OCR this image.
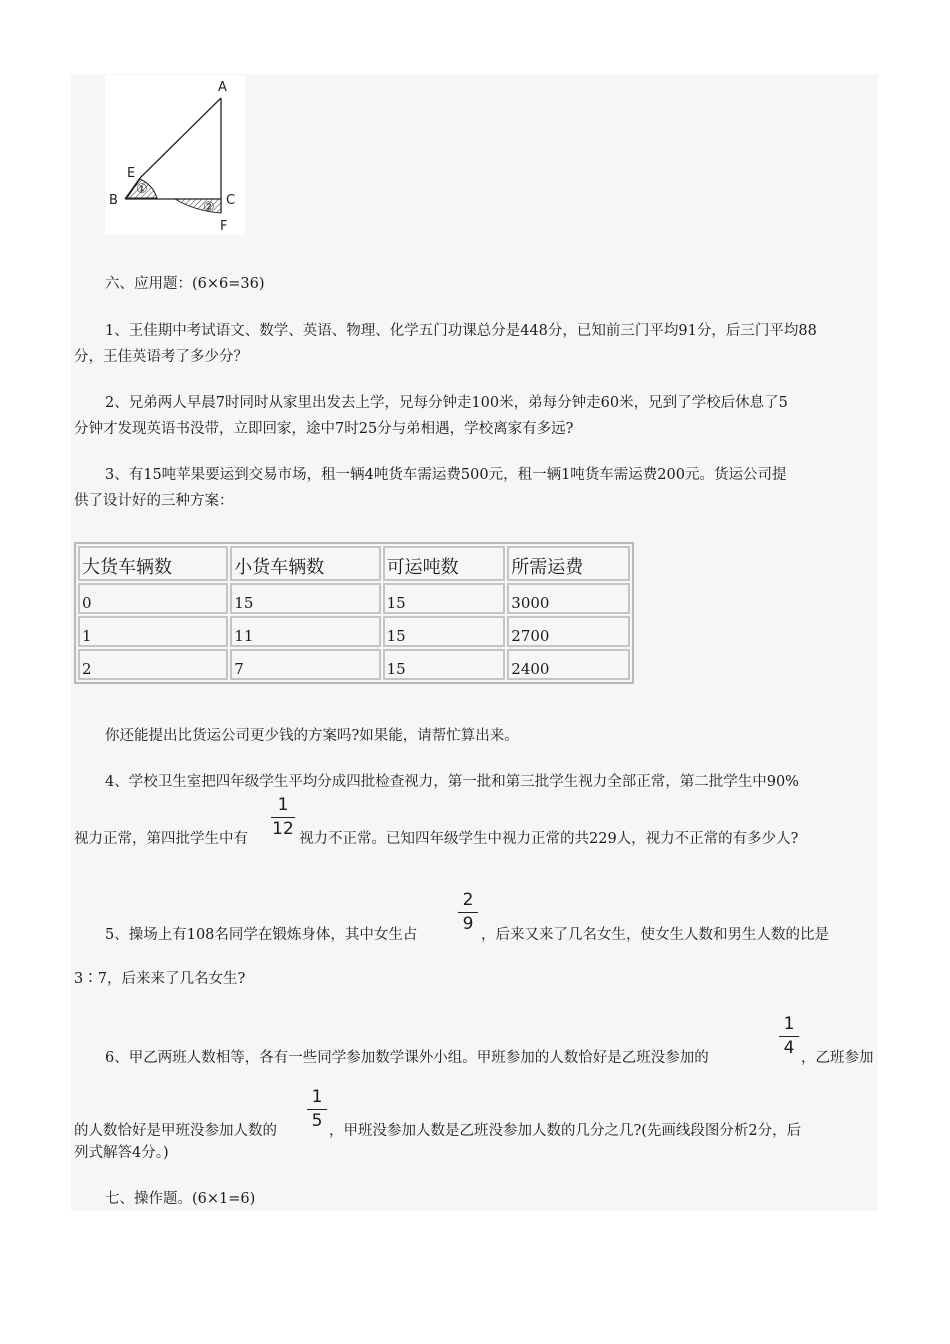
A
E
B	C
F
①
②
六、应用题：(6×6=36)
1、王佳期中考试语文、数学、英语、物理、化学五门功课总分是448分，已知前三门平均91分，后三门平均88
分，王佳英语考了多少分？
2、兄弟两人早晨7时同时从家里出发去上学，兄每分钟走100米，弟每分钟走60米，兄到了学校后休息了5
分钟才发现英语书没带，立即回家，途中7时25分与弟相遇，学校离家有多远?
3、有15吨苹果要运到交易市场，租一辆4吨货车需运费500元，租一辆1吨货车需运费200元。货运公司提
供了设计好的三种方案：
大货车辆数	小货车辆数	可运吨数	所需运费
0	15	15	3000
1	11	15	2700
2	7	15	2400
你还能提出比货运公司更少钱的方案吗?如果能，请帮忙算出来。
4、学校卫生室把四年级学生平均分成四批检查视力，第一批和第三批学生视力全部正常，第二批学生中90%
视力正常，第四批学生中有
1
12 视力不正常。已知四年级学生中视力正常的共229人，视力不正常的有多少人?
5、操场上有108名同学在锻炼身体，其中女生占
2
9
，后来又来了几名女生，使女生人数和男生人数的比是
3∶7，后来来了几名女生?
6、甲乙两班人数相等，各有一些同学参加数学课外小组。甲班参加的人数恰好是乙班没参加的
1
4 ，乙班参加
的人数恰好是甲班没参加人数的
1
5 ，甲班没参加人数是乙班没参加人数的几分之几?(先画线段图分析2分，后
列式解答4分。)
七、操作题。(6×1=6)
